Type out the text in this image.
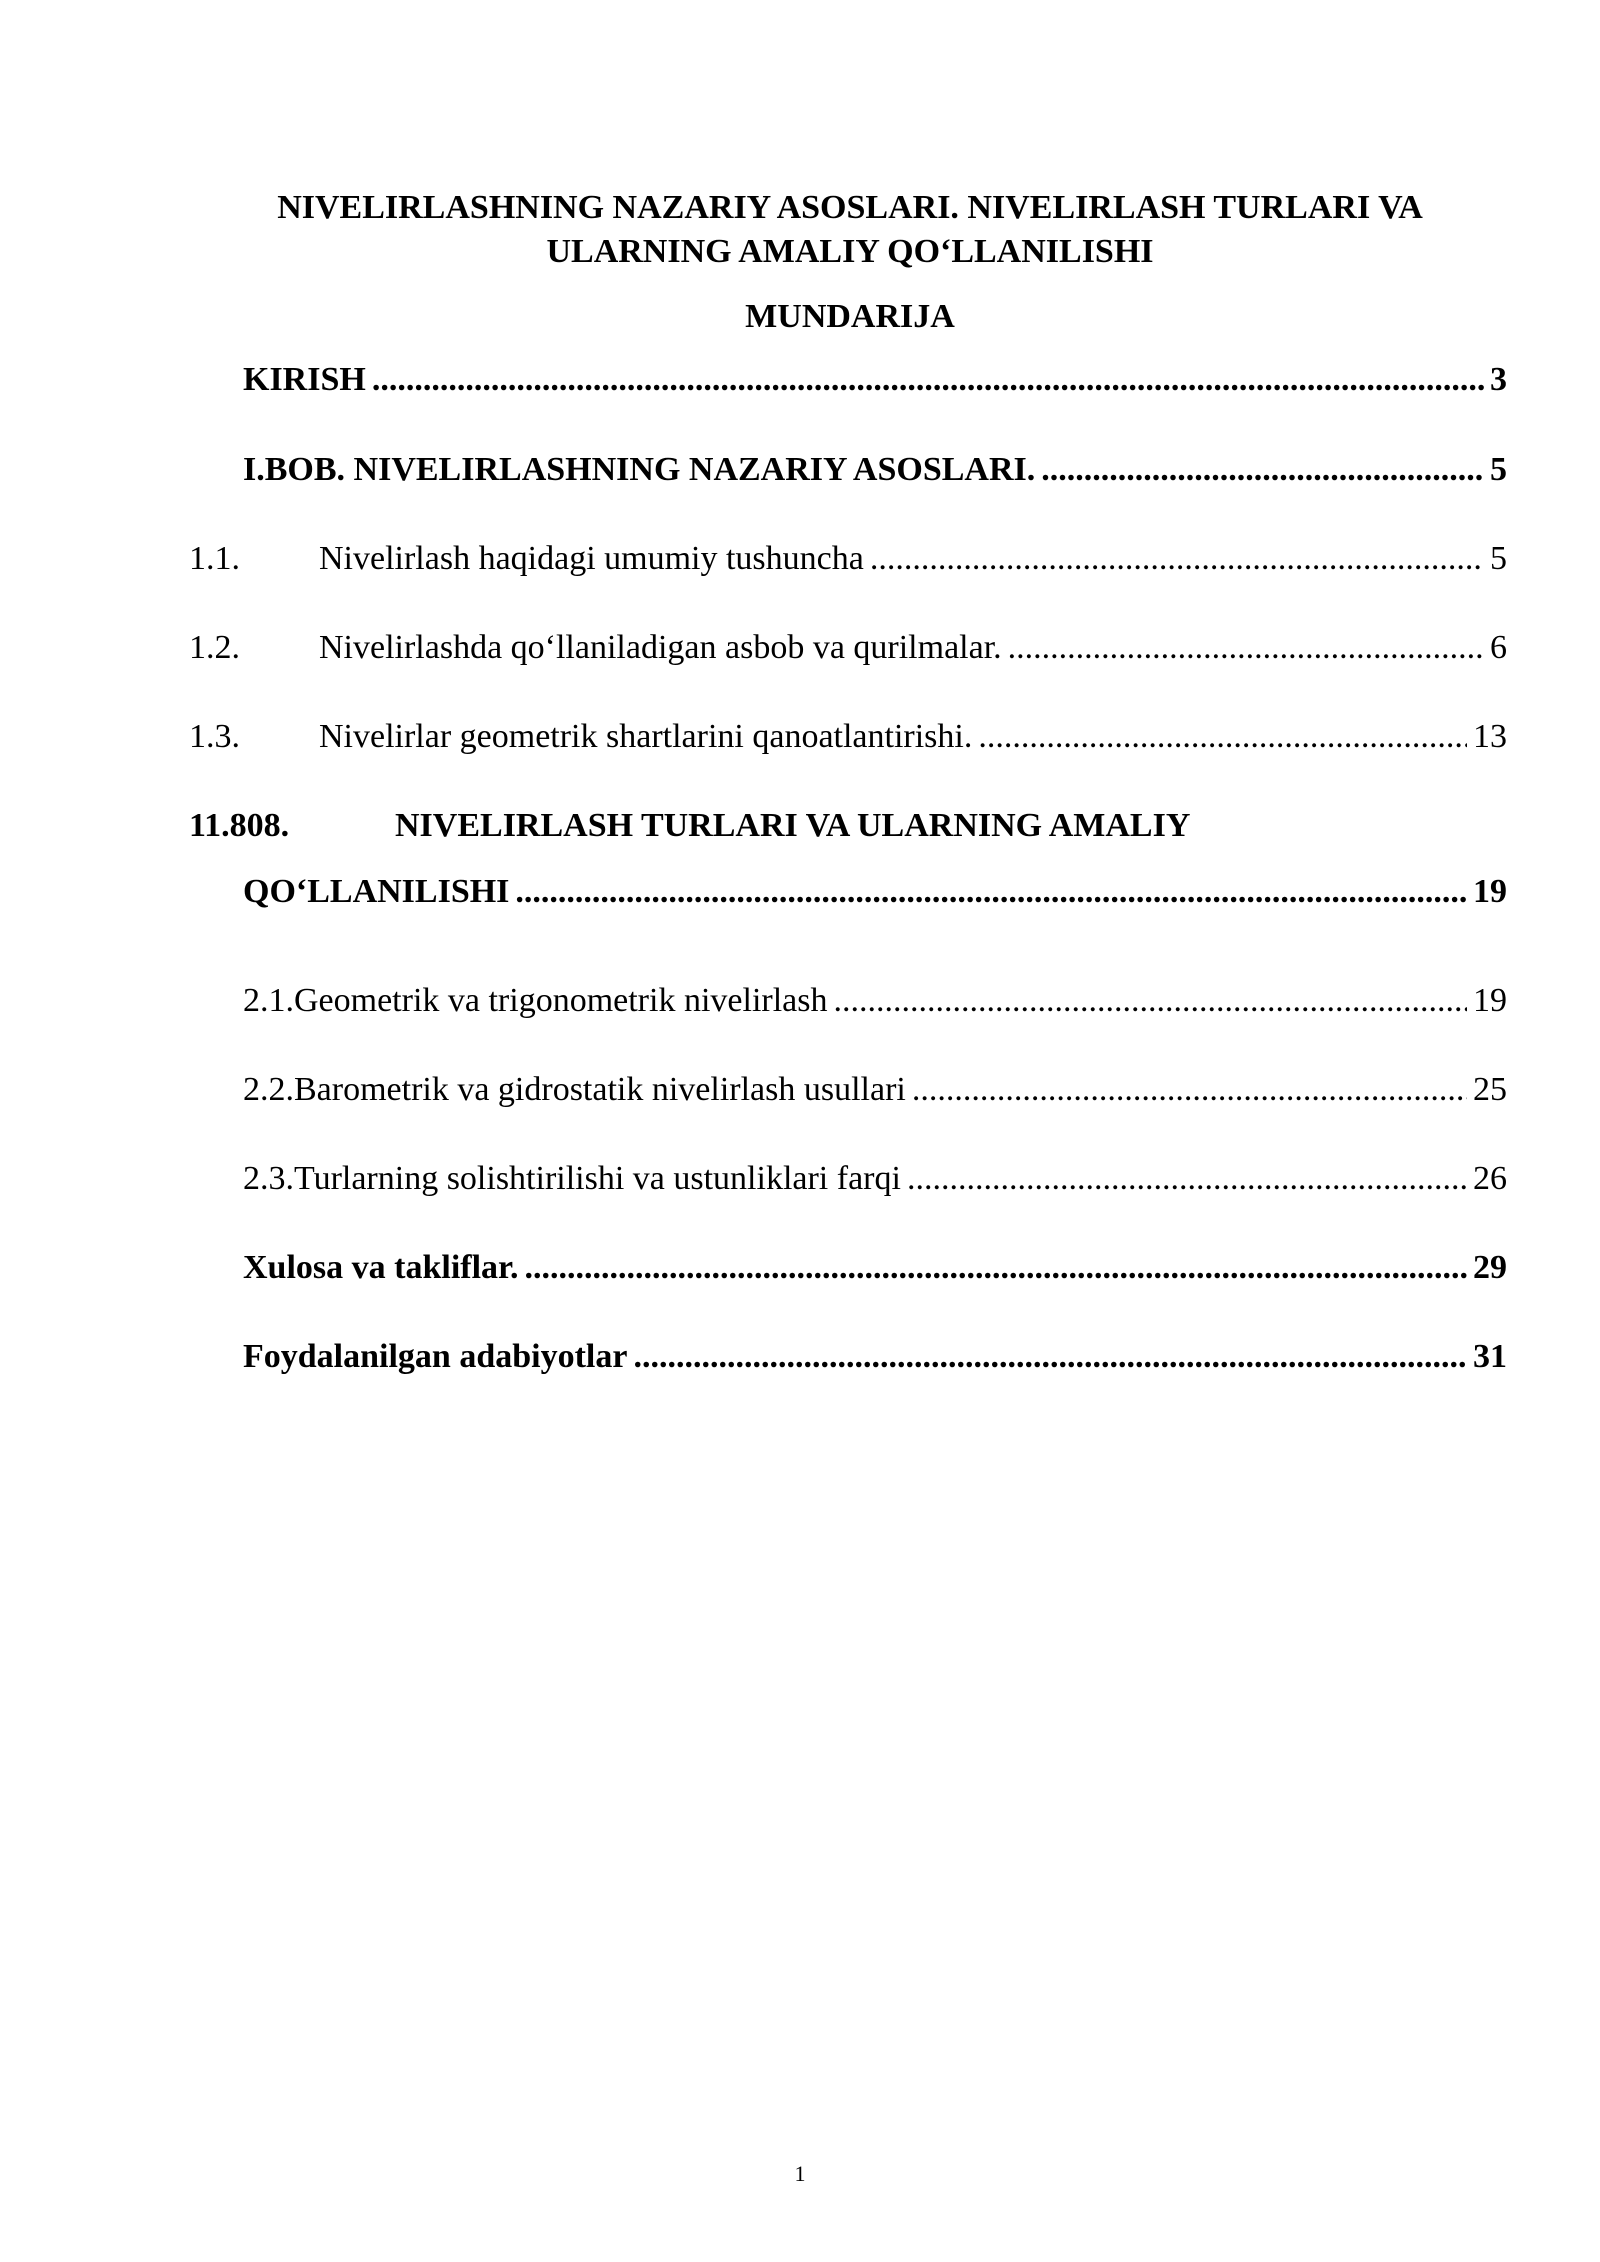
NIVELIRLASHNING NAZARIY ASOSLARI. NIVELIRLASH TURLARI VA
ULARNING AMALIY QO‘LLANILISHI
MUNDARIJA
KIRISH .....	3
I.BOB. NIVELIRLASHNING NAZARIY ASOSLARI. .....	5
1.1.	Nivelirlash haqidagi umumiy tushuncha .....	5
1.2.	Nivelirlashda qo‘llaniladigan asbob va qurilmalar. .....	6
1.3.	Nivelirlar geometrik shartlarini qanoatlantirishi. .....	13
11.808.	NIVELIRLASH TURLARI VA ULARNING AMALIY
QO‘LLANILISHI .....	19
2.1.Geometrik va trigonometrik nivelirlash .....	19
2.2.Barometrik va gidrostatik nivelirlash usullari .....	25
2.3.Turlarning solishtirilishi va ustunliklari farqi .....	26
Xulosa va takliflar. .....	29
Foydalanilgan adabiyotlar .....	31
1
